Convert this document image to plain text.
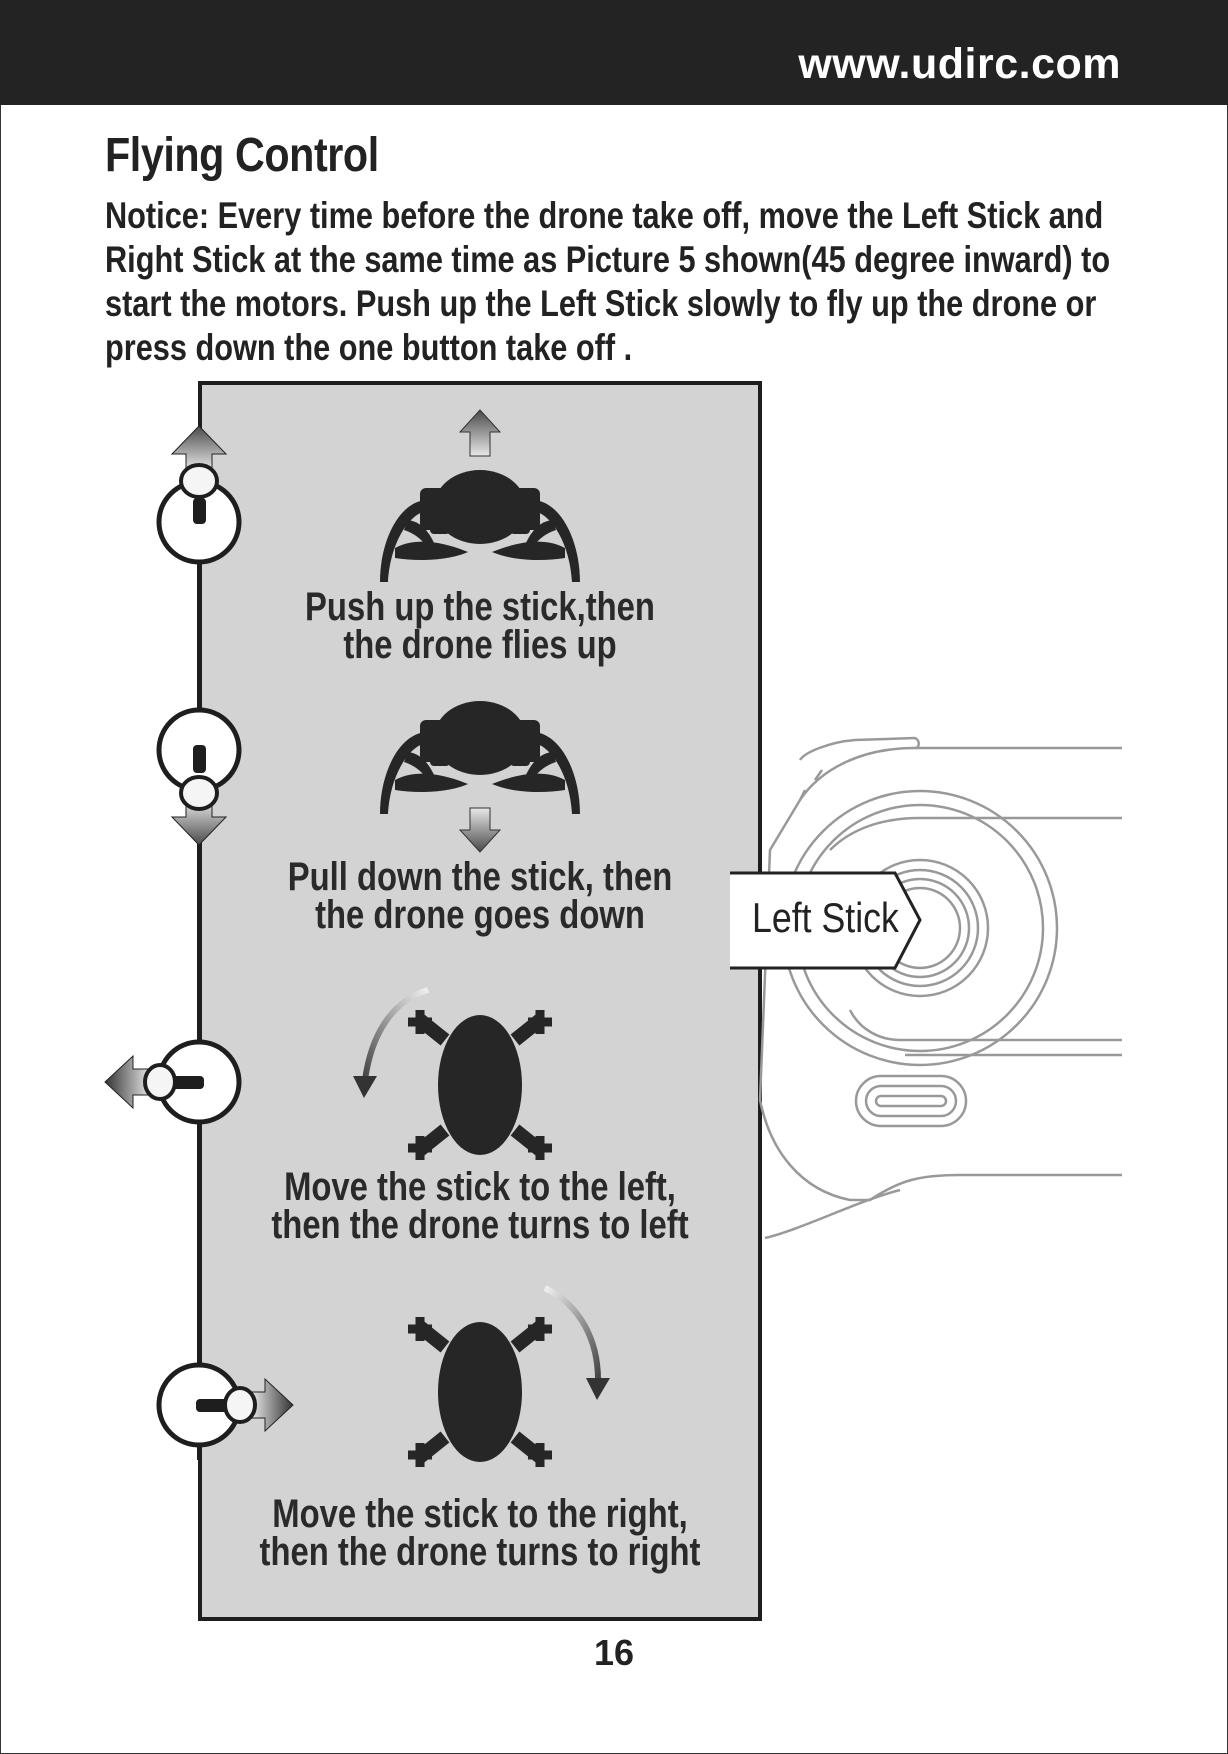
www.udirc.com
Flying Control

Notice: Every time before the drone take off, move the Left Stick and
Right Stick at the same time as Picture 5 shown(45 degree inward) to
start the motors. Push up the Left Stick slowly to fly up the drone or
press down the one button take off .

Push up the stick,then
the drone flies up
Pull down the stick, then
the drone goes down
Move the stick to the left,
then the drone turns to left
Move the stick to the right,
then the drone turns to right
Left Stick
16
